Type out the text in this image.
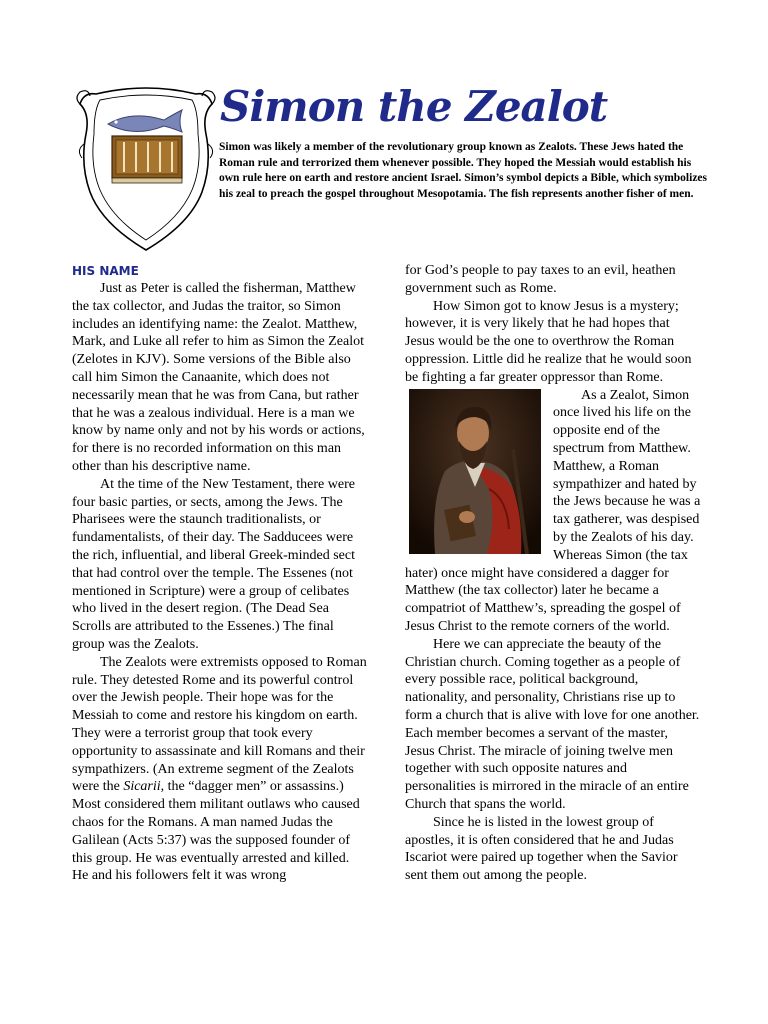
Simon the Zealot

Simon was likely a member of the revolutionary group known as Zealots. These Jews hated the Roman rule and terrorized them whenever possible. They hoped the Messiah would establish his own rule here on earth and restore ancient Israel. Simon’s symbol depicts a Bible, which symbolizes his zeal to preach the gospel throughout Mesopotamia. The fish represents another fisher of men.

HIS NAME

Just as Peter is called the fisherman, Matthew the tax collector, and Judas the traitor, so Simon includes an identifying name: the Zealot. Matthew, Mark, and Luke all refer to him as Simon the Zealot (Zelotes in KJV). Some versions of the Bible also call him Simon the Canaanite, which does not necessarily mean that he was from Cana, but rather that he was a zealous individual. Here is a man we know by name only and not by his words or actions, for there is no recorded information on this man other than his descriptive name.

At the time of the New Testament, there were four basic parties, or sects, among the Jews. The Pharisees were the staunch traditionalists, or fundamentalists, of their day. The Sadducees were the rich, influential, and liberal Greek-minded sect that had control over the temple. The Essenes (not mentioned in Scripture) were a group of celibates who lived in the desert region. (The Dead Sea Scrolls are attributed to the Essenes.) The final group was the Zealots.

The Zealots were extremists opposed to Roman rule. They detested Rome and its powerful control over the Jewish people. Their hope was for the Messiah to come and restore his kingdom on earth. They were a terrorist group that took every opportunity to assassinate and kill Romans and their sympathizers. (An extreme segment of the Zealots were the Sicarii, the “dagger men” or assassins.) Most considered them militant outlaws who caused chaos for the Romans. A man named Judas the Galilean (Acts 5:37) was the supposed founder of this group. He was eventually arrested and killed. He and his followers felt it was wrong

for God’s people to pay taxes to an evil, heathen government such as Rome.

How Simon got to know Jesus is a mystery; however, it is very likely that he had hopes that Jesus would be the one to overthrow the Roman oppression. Little did he realize that he would soon be fighting a far greater oppressor than Rome.

As a Zealot, Simon once lived his life on the opposite end of the spectrum from Matthew. Matthew, a Roman sympathizer and hated by the Jews because he was a tax gatherer, was despised by the Zealots of his day. Whereas Simon (the tax hater) once might have considered a dagger for Matthew (the tax collector) later he became a compatriot of Matthew’s, spreading the gospel of Jesus Christ to the remote corners of the world.

Here we can appreciate the beauty of the Christian church. Coming together as a people of every possible race, political background, nationality, and personality, Christians rise up to form a church that is alive with love for one another. Each member becomes a servant of the master, Jesus Christ. The miracle of joining twelve men together with such opposite natures and personalities is mirrored in the miracle of an entire Church that spans the world.

Since he is listed in the lowest group of apostles, it is often considered that he and Judas Iscariot were paired up together when the Savior sent them out among the people.
